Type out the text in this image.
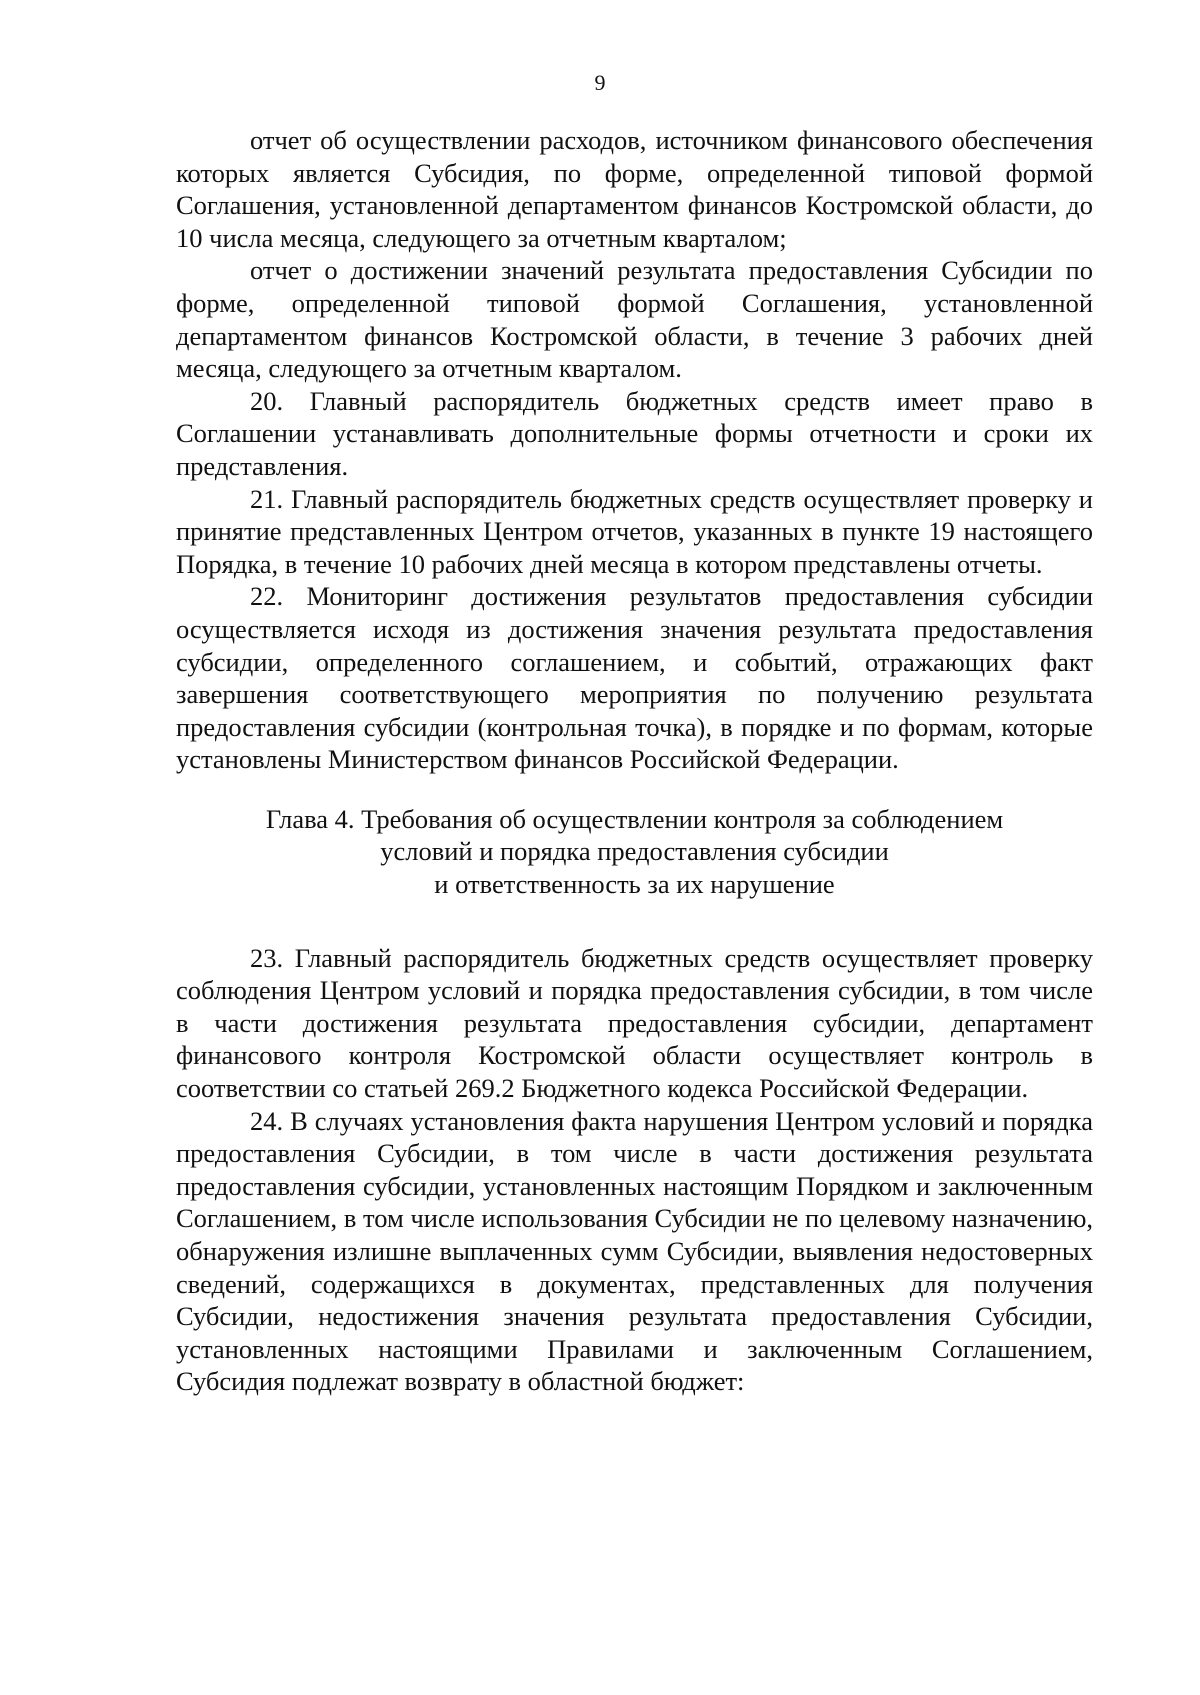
9

отчет об осуществлении расходов, источником финансового обеспечения которых является Субсидия, по форме, определенной типовой формой Соглашения, установленной департаментом финансов Костромской области, до 10 числа месяца, следующего за отчетным кварталом;

отчет о достижении значений результата предоставления Субсидии по форме, определенной типовой формой Соглашения, установленной департаментом финансов Костромской области, в течение 3 рабочих дней месяца, следующего за отчетным кварталом.

20. Главный распорядитель бюджетных средств имеет право в Соглашении устанавливать дополнительные формы отчетности и сроки их представления.

21. Главный распорядитель бюджетных средств осуществляет проверку и принятие представленных Центром отчетов, указанных в пункте 19 настоящего Порядка, в течение 10 рабочих дней месяца в котором представлены отчеты.

22. Мониторинг достижения результатов предоставления субсидии осуществляется исходя из достижения значения результата предоставления субсидии, определенного соглашением, и событий, отражающих факт завершения соответствующего мероприятия по получению результата предоставления субсидии (контрольная точка), в порядке и по формам, которые установлены Министерством финансов Российской Федерации.

Глава 4. Требования об осуществлении контроля за соблюдением
условий и порядка предоставления субсидии
и ответственность за их нарушение

23. Главный распорядитель бюджетных средств осуществляет проверку соблюдения Центром условий и порядка предоставления субсидии, в том числе в части достижения результата предоставления субсидии, департамент финансового контроля Костромской области осуществляет контроль в соответствии со статьей 269.2 Бюджетного кодекса Российской Федерации.

24. В случаях установления факта нарушения Центром условий и порядка предоставления Субсидии, в том числе в части достижения результата предоставления субсидии, установленных настоящим Порядком и заключенным Соглашением, в том числе использования Субсидии не по целевому назначению, обнаружения излишне выплаченных сумм Субсидии, выявления недостоверных сведений, содержащихся в документах, представленных для получения Субсидии, недостижения значения результата предоставления Субсидии, установленных настоящими Правилами и заключенным Соглашением, Субсидия подлежат возврату в областной бюджет:
